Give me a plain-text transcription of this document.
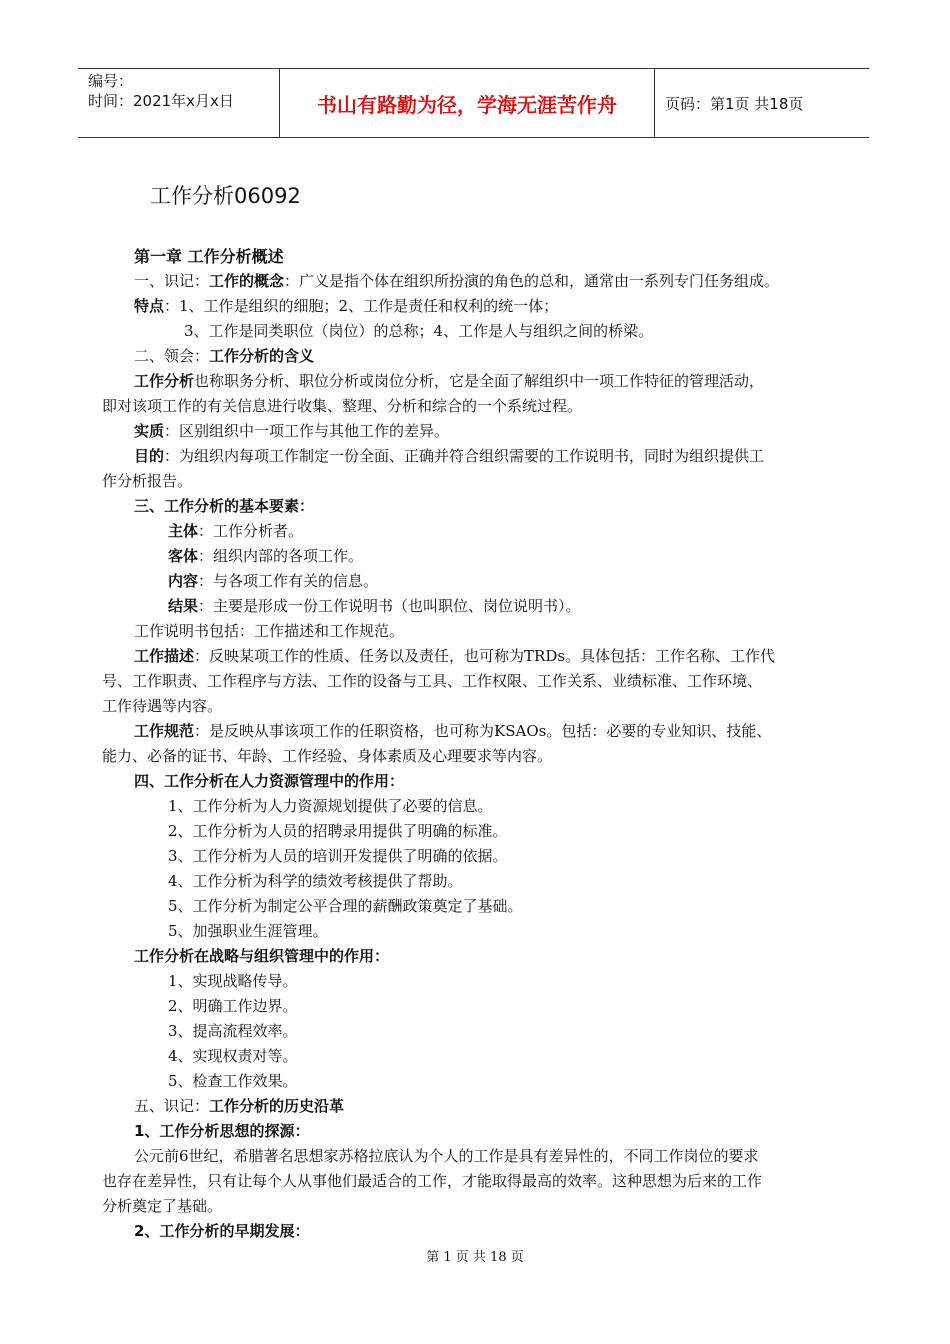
编号：
时间：2021年x月x日	书山有路勤为径，学海无涯苦作舟	页码：第1页 共18页
工作分析06092

第一章 工作分析概述

一、识记：工作的概念：广义是指个体在组织所扮演的角色的总和，通常由一系列专门任务组成。

特点：1、工作是组织的细胞；2、工作是责任和权利的统一体；

3、工作是同类职位（岗位）的总称；4、工作是人与组织之间的桥梁。

二、领会：工作分析的含义

工作分析也称职务分析、职位分析或岗位分析，它是全面了解组织中一项工作特征的管理活动，

即对该项工作的有关信息进行收集、整理、分析和综合的一个系统过程。

实质：区别组织中一项工作与其他工作的差异。

目的：为组织内每项工作制定一份全面、正确并符合组织需要的工作说明书，同时为组织提供工

作分析报告。

三、工作分析的基本要素：

主体：工作分析者。

客体：组织内部的各项工作。

内容：与各项工作有关的信息。

结果：主要是形成一份工作说明书（也叫职位、岗位说明书）。

工作说明书包括：工作描述和工作规范。

工作描述：反映某项工作的性质、任务以及责任，也可称为TRDs。具体包括：工作名称、工作代

号、工作职责、工作程序与方法、工作的设备与工具、工作权限、工作关系、业绩标准、工作环境、

工作待遇等内容。

工作规范：是反映从事该项工作的任职资格，也可称为KSAOs。包括：必要的专业知识、技能、

能力、必备的证书、年龄、工作经验、身体素质及心理要求等内容。

四、工作分析在人力资源管理中的作用：

1、工作分析为人力资源规划提供了必要的信息。

2、工作分析为人员的招聘录用提供了明确的标准。

3、工作分析为人员的培训开发提供了明确的依据。

4、工作分析为科学的绩效考核提供了帮助。

5、工作分析为制定公平合理的薪酬政策奠定了基础。

5、加强职业生涯管理。

工作分析在战略与组织管理中的作用：

1、实现战略传导。

2、明确工作边界。

3、提高流程效率。

4、实现权责对等。

5、检查工作效果。

五、识记：工作分析的历史沿革

1、工作分析思想的探源：

公元前6世纪，希腊著名思想家苏格拉底认为个人的工作是具有差异性的，不同工作岗位的要求

也存在差异性，只有让每个人从事他们最适合的工作，才能取得最高的效率。这种思想为后来的工作

分析奠定了基础。

2、工作分析的早期发展：

第 1 页 共 18 页
